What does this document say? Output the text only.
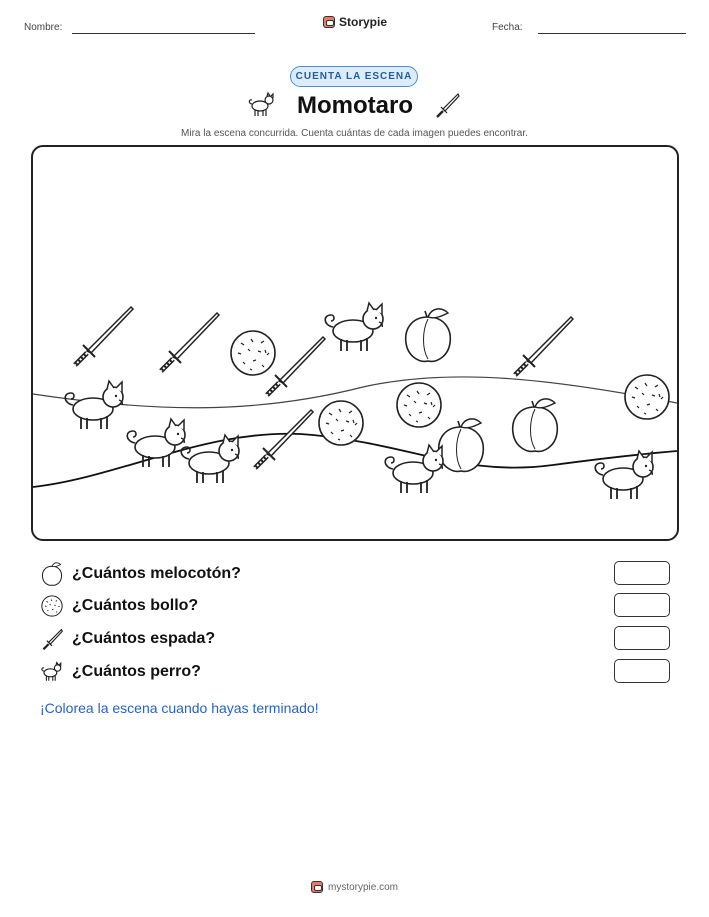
Nombre:	Storypie	Fecha:
CUENTA LA ESCENA
Momotaro
Mira la escena concurrida. Cuenta cuántas de cada imagen puedes encontrar.
¿Cuántos melocotón?
¿Cuántos bollo?
¿Cuántos espada?
¿Cuántos perro?
¡Colorea la escena cuando hayas terminado!
mystorypie.com
